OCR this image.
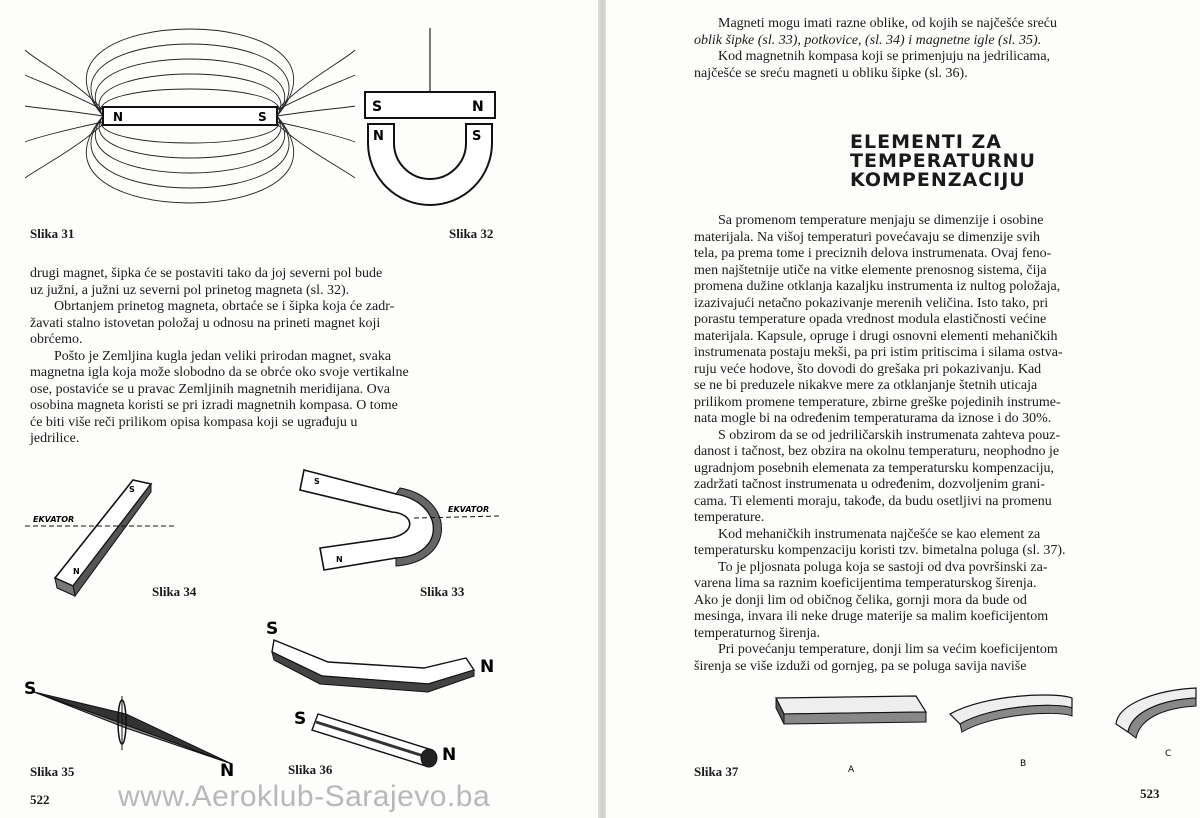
N	S
S	N
N	S
Slika 31	Slika 32

drugi magnet, šipka će se postaviti tako da joj severni pol bude

uz južni, a južni uz severni pol prinetog magneta (sl. 32).

Obrtanjem prinetog magneta, obrtaće se i šipka koja će zadr-

žavati stalno istovetan položaj u odnosu na prineti magnet koji

obrćemo.

Pošto je Zemljina kugla jedan veliki prirodan magnet, svaka

magnetna igla koja može slobodno da se obrće oko svoje vertikalne

ose, postaviće se u pravac Zemljinih magnetnih meridijana. Ova

osobina magneta koristi se pri izradi magnetnih kompasa. O tome

će biti više reči prilikom opisa kompasa koji se ugrađuju u

jedrilice.

EKVATOR
S
N
Slika 34
EKVATOR
S
N
Slika 33
S
N
Slika 35
S
N
S
N
Slika 36
522 www.Aeroklub-Sarajevo.ba

Magneti mogu imati razne oblike, od kojih se najčešće sreću

oblik šipke (sl. 33), potkovice, (sl. 34) i magnetne igle (sl. 35).

Kod magnetnih kompasa koji se primenjuju na jedrilicama,

najčešće se sreću magneti u obliku šipke (sl. 36).

ELEMENTI ZA
TEMPERATURNU
KOMPENZACIJU

Sa promenom temperature menjaju se dimenzije i osobine

materijala. Na višoj temperaturi povećavaju se dimenzije svih

tela, pa prema tome i preciznih delova instrumenata. Ovaj feno-

men najštetnije utiče na vitke elemente prenosnog sistema, čija

promena dužine otklanja kazaljku instrumenta iz nultog položaja,

izazivajući netačno pokazivanje merenih veličina. Isto tako, pri

porastu temperature opada vrednost modula elastičnosti većine

materijala. Kapsule, opruge i drugi osnovni elementi mehaničkih

instrumenata postaju mekši, pa pri istim pritiscima i silama ostva-

ruju veće hodove, što dovodi do grešaka pri pokazivanju. Kad

se ne bi preduzele nikakve mere za otklanjanje štetnih uticaja

prilikom promene temperature, zbirne greške pojedinih instrume-

nata mogle bi na određenim temperaturama da iznose i do 30%.

S obzirom da se od jedriličarskih instrumenata zahteva pouz-

danost i tačnost, bez obzira na okolnu temperaturu, neophodno je

ugradnjom posebnih elemenata za temperatursku kompenzaciju,

zadržati tačnost instrumenata u određenim, dozvoljenim grani-

cama. Ti elementi moraju, takođe, da budu osetljivi na promenu

temperature.

Kod mehaničkih instrumenata najčešće se kao element za

temperatursku kompenzaciju koristi tzv. bimetalna poluga (sl. 37).

To je pljosnata poluga koja se sastoji od dva površinski za-

varena lima sa raznim koeficijentima temperaturskog širenja.

Ako je donji lim od običnog čelika, gornji mora da bude od

mesinga, invara ili neke druge materije sa malim koeficijentom

temperaturnog širenja.

Pri povećanju temperature, donji lim sa većim koeficijentom

širenja se više izduži od gornjeg, pa se poluga savija naviše

A
B
C
Slika 37
523
